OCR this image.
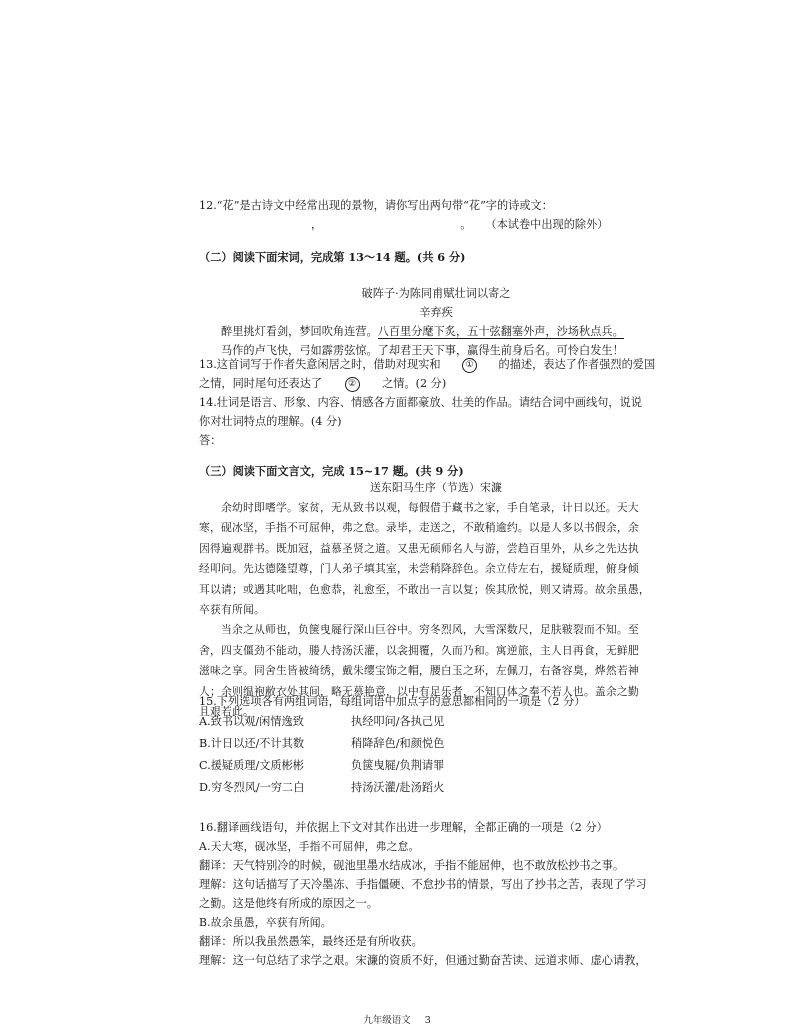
12.“花”是古诗文中经常出现的景物，请你写出两句带“花”字的诗或文：
，	。 （本试卷中出现的除外）
（二）阅读下面宋词，完成第 13～14 题。(共 6 分)
破阵子·为陈同甫赋壮词以寄之
辛弃疾
醉里挑灯看剑，梦回吹角连营。八百里分麾下炙，五十弦翻塞外声，沙场秋点兵。
马作的卢飞快，弓如霹雳弦惊。了却君王天下事，赢得生前身后名。可怜白发生！
13.这首词写于作者失意闲居之时，借助对现实和	① 的描述，表达了作者强烈的爱国
之情，同时尾句还表达了	② 之情。(2 分)
14.壮词是语言、形象、内容、情感各方面都豪放、壮美的作品。请结合词中画线句，说说
你对壮词特点的理解。(4 分)
答：
（三）阅读下面文言文，完成 15~17 题。(共 9 分)
送东阳马生序（节选）宋濂
余幼时即嗜学。家贫，无从致书以观，每假借于藏书之家，手自笔录，计日以还。天大
寒，砚冰坚，手指不可屈伸，弗之怠。录毕，走送之，不敢稍逾约。以是人多以书假余，余
因得遍观群书。既加冠，益慕圣贤之道。又患无硕师名人与游，尝趋百里外，从乡之先达执
经叩问。先达德隆望尊，门人弟子填其室，未尝稍降辞色。余立侍左右，援疑质理，俯身倾
耳以请；或遇其叱咄，色愈恭，礼愈至，不敢出一言以复；俟其欣悦，则又请焉。故余虽愚，
卒获有所闻。
当余之从师也，负箧曳屣行深山巨谷中。穷冬烈风，大雪深数尺，足肤皲裂而不知。至
舍，四支僵劲不能动，媵人持汤沃灌，以衾拥覆，久而乃和。寓逆旅，主人日再食，无鲜肥
滋味之享。同舍生皆被绮绣，戴朱缨宝饰之帽，腰白玉之环，左佩刀，右备容臭，烨然若神
人；余则缊袍敝衣处其间，略无慕艳意，以中有足乐者，不知口体之奉不若人也。盖余之勤
且艰若此。
15.下列选项各有两组词语，每组词语中加点字的意思都相同的一项是（2 分）
A.致书以观/闲情逸致	执经叩问/各执己见
B.计日以还/不计其数	稍降辞色/和颜悦色
C.援疑质理/文质彬彬	负箧曳屣/负荆请罪
D.穷冬烈风/一穷二白	持汤沃灌/赴汤蹈火
16.翻译画线语句，并依据上下文对其作出进一步理解，全都正确的一项是（2 分）
A.天大寒，砚冰坚，手指不可屈伸，弗之怠。
翻译：天气特别冷的时候，砚池里墨水结成冰，手指不能屈伸，也不敢放松抄书之事。
理解：这句话描写了天冷墨冻、手指僵硬、不怠抄书的情景，写出了抄书之苦，表现了学习
之勤。这是他终有所成的原因之一。
B.故余虽愚，卒获有所闻。
翻译：所以我虽然愚笨，最终还是有所收获。
理解：这一句总结了求学之艰。宋濂的资质不好，但通过勤奋苦读、远道求师、虚心请教，
九年级语文 3
